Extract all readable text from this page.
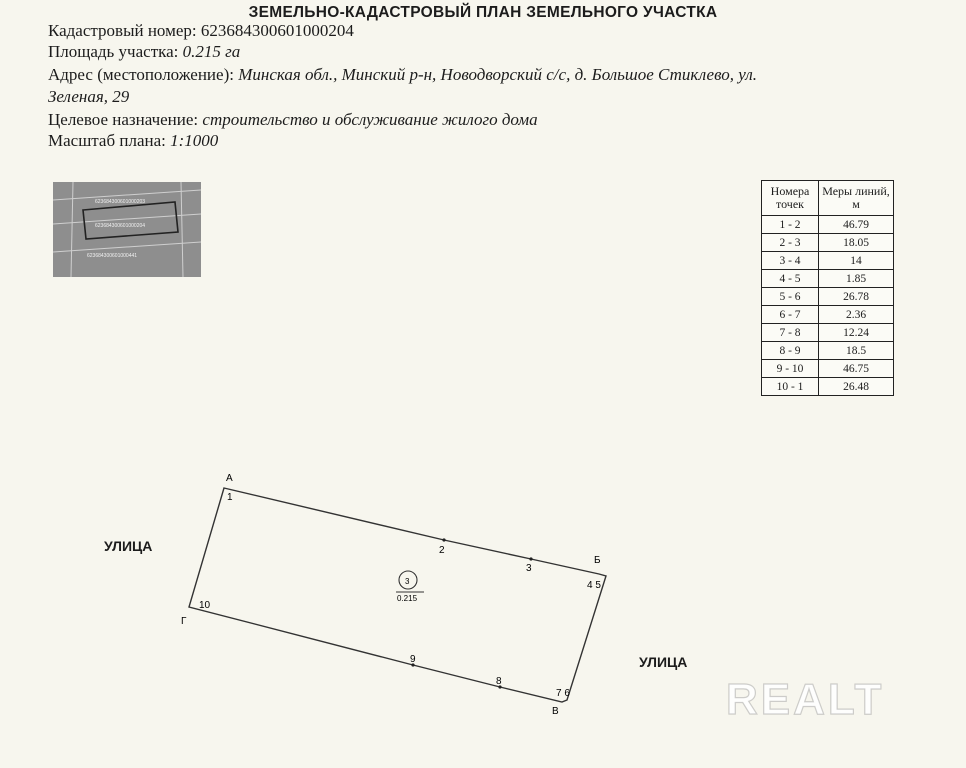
ЗЕМЕЛЬНО-КАДАСТРОВЫЙ ПЛАН ЗЕМЕЛЬНОГО УЧАСТКА
Кадастровый номер: 623684300601000204
Площадь участка: 0.215 га
Адрес (местоположение): Минская обл., Минский р-н, Новодворский с/с, д. Большое Стиклево, ул.
Зеленая, 29
Целевое назначение: строительство и обслуживание жилого дома
Масштаб плана: 1:1000
623684300601000203
623684300601000204
623684300601000441
Номера точек	Меры линий, м
1 - 2	46.79
2 - 3	18.05
3 - 4	14
4 - 5	1.85
5 - 6	26.78
6 - 7	2.36
7 - 8	12.24
8 - 9	18.5
9 - 10	46.75
10 - 1	26.48
А
Б
В
Г
1
2
3
4 5
7 6
8
9
10
3
0.215
УЛИЦА
УЛИЦА
REALT
